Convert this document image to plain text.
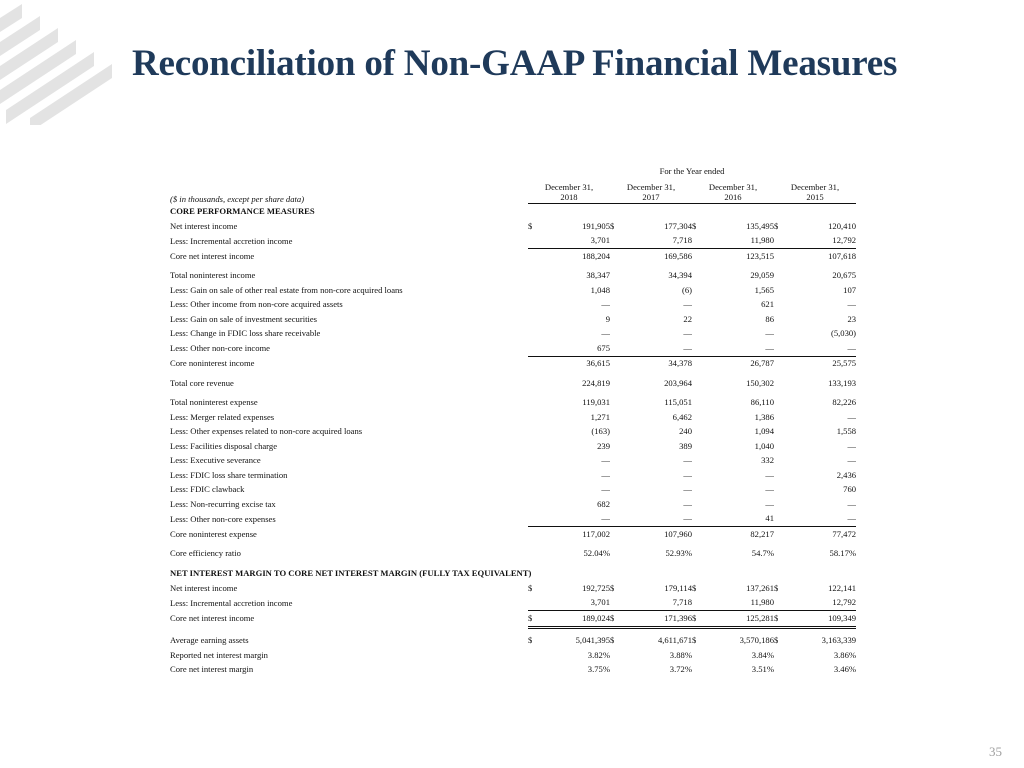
Reconciliation of Non-GAAP Financial Measures
	For the Year ended							
($ in thousands, except per share data)	December 31,
2018		December 31,
2017		December 31,
2016		December 31,
2015	
CORE PERFORMANCE MEASURES								
Net interest income	$	191,905	$	177,304	$	135,495	$	120,410
Less: Incremental accretion income		3,701		7,718		11,980		12,792
Core net interest income		188,204		169,586		123,515		107,618

Total noninterest income		38,347		34,394		29,059		20,675
Less: Gain on sale of other real estate from non-core acquired loans		1,048		(6)		1,565		107
Less: Other income from non-core acquired assets		—		—		621		—
Less: Gain on sale of investment securities		9		22		86		23
Less: Change in FDIC loss share receivable		—		—		—		(5,030)
Less: Other non-core income		675		—		—		—
Core noninterest income		36,615		34,378		26,787		25,575

Total core revenue		224,819		203,964		150,302		133,193

Total noninterest expense		119,031		115,051		86,110		82,226
Less: Merger related expenses		1,271		6,462		1,386		—
Less: Other expenses related to non-core acquired loans		(163)		240		1,094		1,558
Less: Facilities disposal charge		239		389		1,040		—
Less: Executive severance		—		—		332		—
Less: FDIC loss share termination		—		—		—		2,436
Less: FDIC clawback		—		—		—		760
Less: Non-recurring excise tax		682		—		—		—
Less: Other non-core expenses		—		—		41		—
Core noninterest expense		117,002		107,960		82,217		77,472

Core efficiency ratio		52.04%		52.93%		54.7%		58.17%

NET INTEREST MARGIN TO CORE NET INTEREST MARGIN (FULLY TAX EQUIVALENT)								
Net interest income	$	192,725	$	179,114	$	137,261	$	122,141
Less: Incremental accretion income		3,701		7,718		11,980		12,792
Core net interest income	$	189,024	$	171,396	$	125,281	$	109,349

Average earning assets	$	5,041,395	$	4,611,671	$	3,570,186	$	3,163,339
Reported net interest margin		3.82%		3.88%		3.84%		3.86%
Core net interest margin		3.75%		3.72%		3.51%		3.46%
35
